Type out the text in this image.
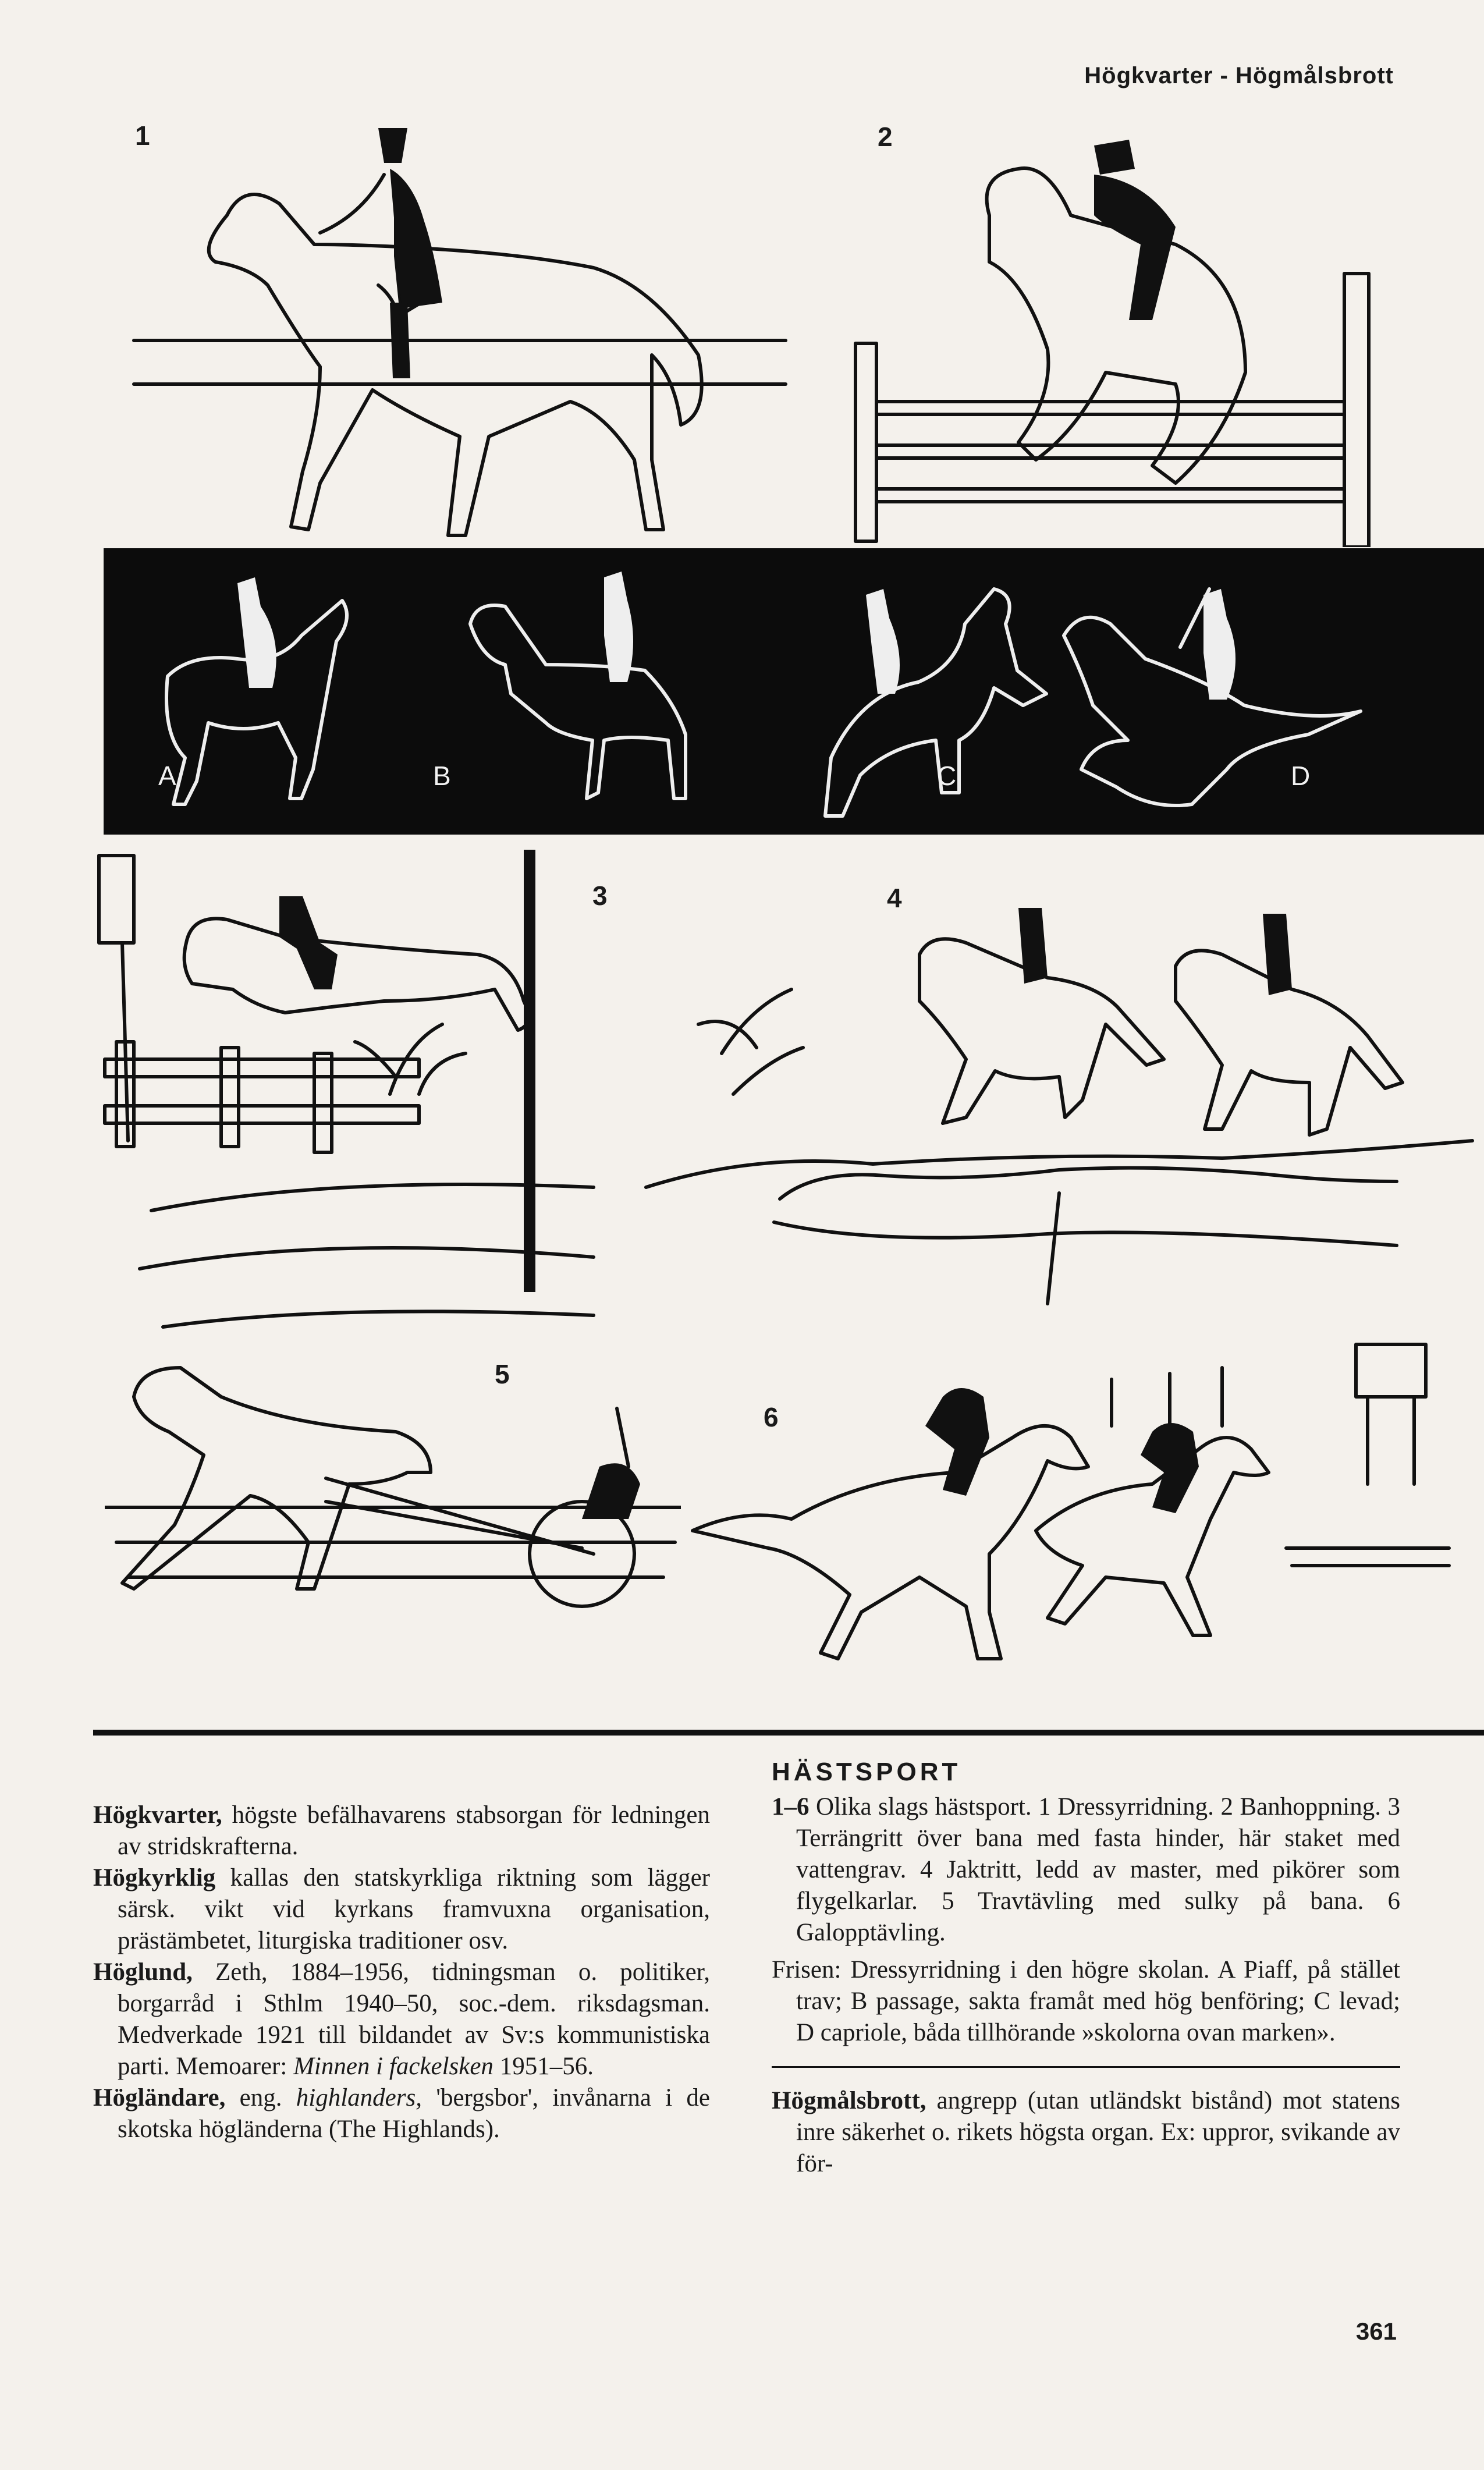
Högkvarter - Högmålsbrott
1	2
A	B	C	D
3	4
5
6

Högkvarter, högste befälhavarens stabsorgan för ledningen av stridskrafterna.

Högkyrklig kallas den statskyrkliga riktning som lägger särsk. vikt vid kyrkans framvuxna organisation, prästämbetet, liturgiska traditioner osv.

Höglund, Zeth, 1884–1956, tidningsman o. politiker, borgarråd i Sthlm 1940–50, soc.-dem. riksdagsman. Medverkade 1921 till bildandet av Sv:s kommunistiska parti. Memoarer: Minnen i fackelsken 1951–56.

Högländare, eng. highlanders, 'bergsbor', invånarna i de skotska högländerna (The Highlands).

HÄSTSPORT

1–6 Olika slags hästsport. 1 Dressyrridning. 2 Banhoppning. 3 Terrängritt över bana med fasta hinder, här staket med vattengrav. 4 Jaktritt, ledd av master, med pikörer som flygelkarlar. 5 Travtävling med sulky på bana. 6 Galopptävling.

Frisen: Dressyrridning i den högre skolan. A Piaff, på stället trav; B passage, sakta framåt med hög benföring; C levad; D capriole, båda tillhörande »skolorna ovan marken».

Högmålsbrott, angrepp (utan utländskt bistånd) mot statens inre säkerhet o. rikets högsta organ. Ex: uppror, svikande av för-

361
